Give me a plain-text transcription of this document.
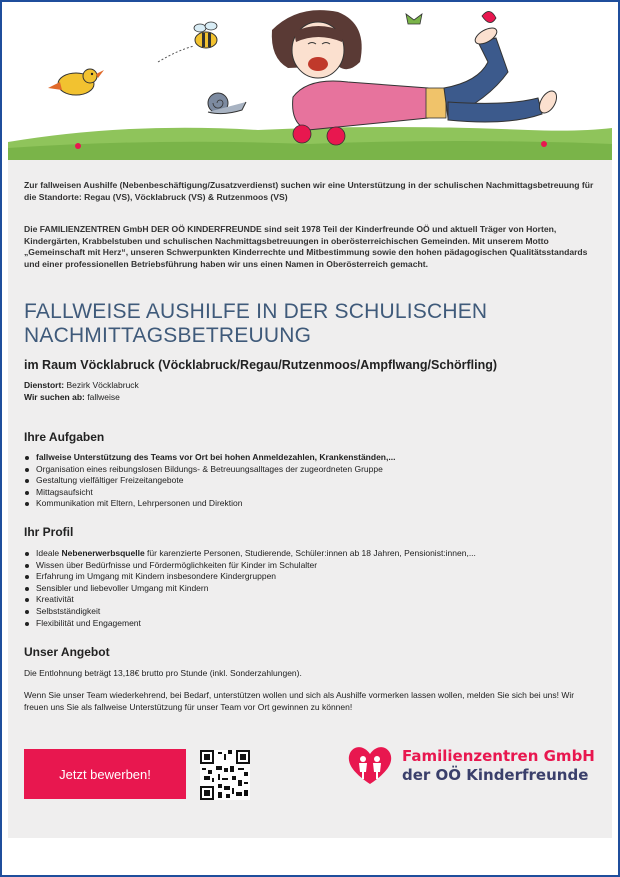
Zur fallweisen Aushilfe (Nebenbeschäftigung/Zusatzverdienst) suchen wir eine Unterstützung in der schulischen Nachmittagsbetreuung für die Standorte: Regau (VS), Vöcklabruck (VS) & Rutzenmoos (VS)
Die FAMILIENZENTREN GmbH DER OÖ KINDERFREUNDE sind seit 1978 Teil der Kinderfreunde OÖ und aktuell Träger von Horten, Kindergärten, Krabbelstuben und schulischen Nachmittagsbetreuungen in oberösterreichischen Gemeinden. Mit unserem Motto „Gemeinschaft mit Herz“, unseren Schwerpunkten Kinderrechte und Mitbestimmung sowie den hohen pädagogischen Qualitätsstandards und einer professionellen Betriebsführung haben wir uns einen Namen in Oberösterreich gemacht.
FALLWEISE AUSHILFE IN DER SCHULISCHEN NACHMITTAGSBETREUUNG
im Raum Vöcklabruck (Vöcklabruck/Regau/Rutzenmoos/Ampflwang/Schörfling)
Dienstort: Bezirk Vöcklabruck
Wir suchen ab: fallweise
Ihre Aufgaben
fallweise Unterstützung des Teams vor Ort bei hohen Anmeldezahlen, Krankenständen,...
Organisation eines reibungslosen Bildungs- & Betreuungsalltages der zugeordneten Gruppe
Gestaltung vielfältiger Freizeitangebote
Mittagsaufsicht
Kommunikation mit Eltern, Lehrpersonen und Direktion
Ihr Profil
Ideale Nebenerwerbsquelle für karenzierte Personen, Studierende, Schüler:innen ab 18 Jahren, Pensionist:innen,...
Wissen über Bedürfnisse und Fördermöglichkeiten für Kinder im Schulalter
Erfahrung im Umgang mit Kindern insbesondere Kindergruppen
Sensibler und liebevoller Umgang mit Kindern
Kreativität
Selbstständigkeit
Flexibilität und Engagement
Unser Angebot
Die Entlohnung beträgt 13,18€ brutto pro Stunde (inkl. Sonderzahlungen).
Wenn Sie unser Team wiederkehrend, bei Bedarf, unterstützen wollen und sich als Aushilfe vormerken lassen wollen, melden Sie sich bei uns! Wir freuen uns Sie als fallweise Unterstützung für unser Team vor Ort gewinnen zu können!
Jetzt bewerben!
Familienzentren GmbH
der OÖ Kinderfreunde
